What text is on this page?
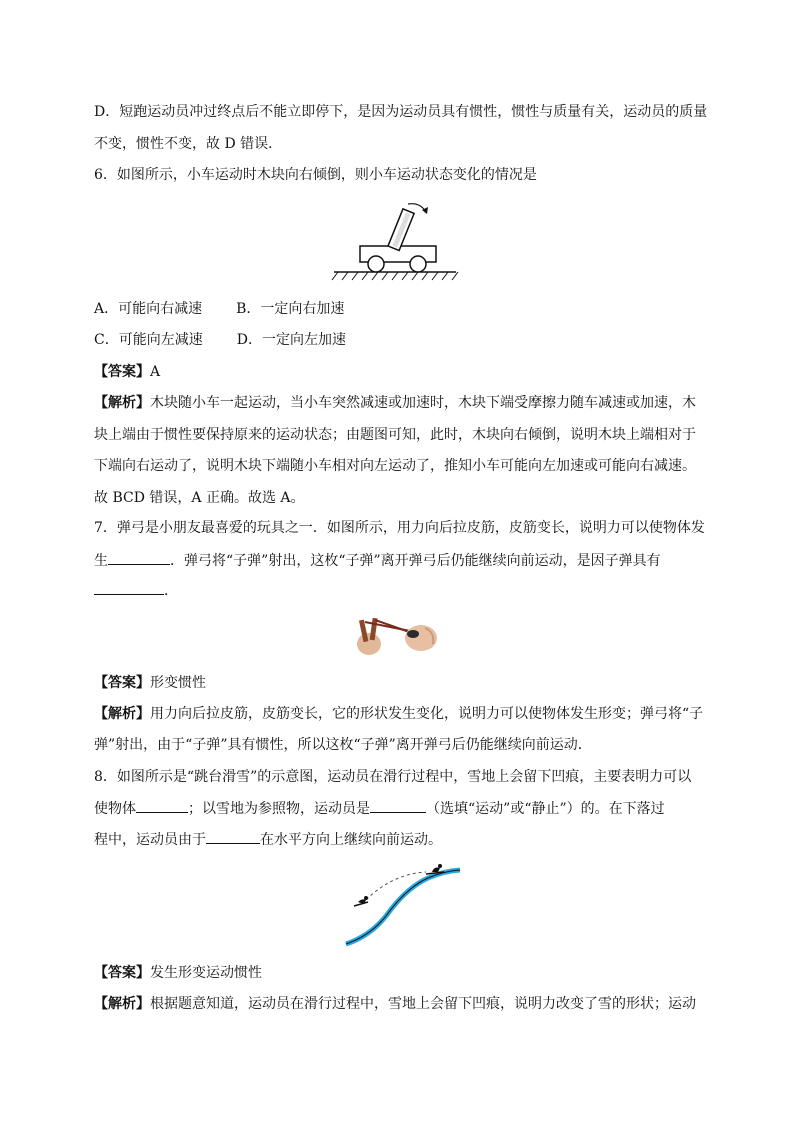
D．短跑运动员冲过终点后不能立即停下，是因为运动员具有惯性，惯性与质量有关，运动员的质量
不变，惯性不变，故 D 错误．
6．如图所示，小车运动时木块向右倾倒，则小车运动状态变化的情况是
A．可能向右减速 B．一定向右加速
C．可能向左减速 D．一定向左加速
【答案】A
【解析】木块随小车一起运动，当小车突然减速或加速时，木块下端受摩擦力随车减速或加速，木
块上端由于惯性要保持原来的运动状态；由题图可知，此时，木块向右倾倒，说明木块上端相对于
下端向右运动了，说明木块下端随小车相对向左运动了，推知小车可能向左加速或可能向右减速。
故 BCD 错误，A 正确。故选 A。
7．弹弓是小朋友最喜爱的玩具之一．如图所示，用力向后拉皮筋，皮筋变长，说明力可以使物体发
生	．弹弓将“子弹”射出，这枚“子弹”离开弹弓后仍能继续向前运动，是因子弹具有
．
【答案】形变惯性
【解析】用力向后拉皮筋，皮筋变长，它的形状发生变化，说明力可以使物体发生形变；弹弓将“子
弹”射出，由于“子弹”具有惯性，所以这枚“子弹”离开弹弓后仍能继续向前运动．
8．如图所示是“跳台滑雪”的示意图，运动员在滑行过程中，雪地上会留下凹痕，主要表明力可以
使物体	；以雪地为参照物，运动员是	（选填“运动”或“静止”）的。在下落过
程中，运动员由于	在水平方向上继续向前运动。
【答案】发生形变运动惯性
【解析】根据题意知道，运动员在滑行过程中，雪地上会留下凹痕，说明力改变了雪的形状；运动
